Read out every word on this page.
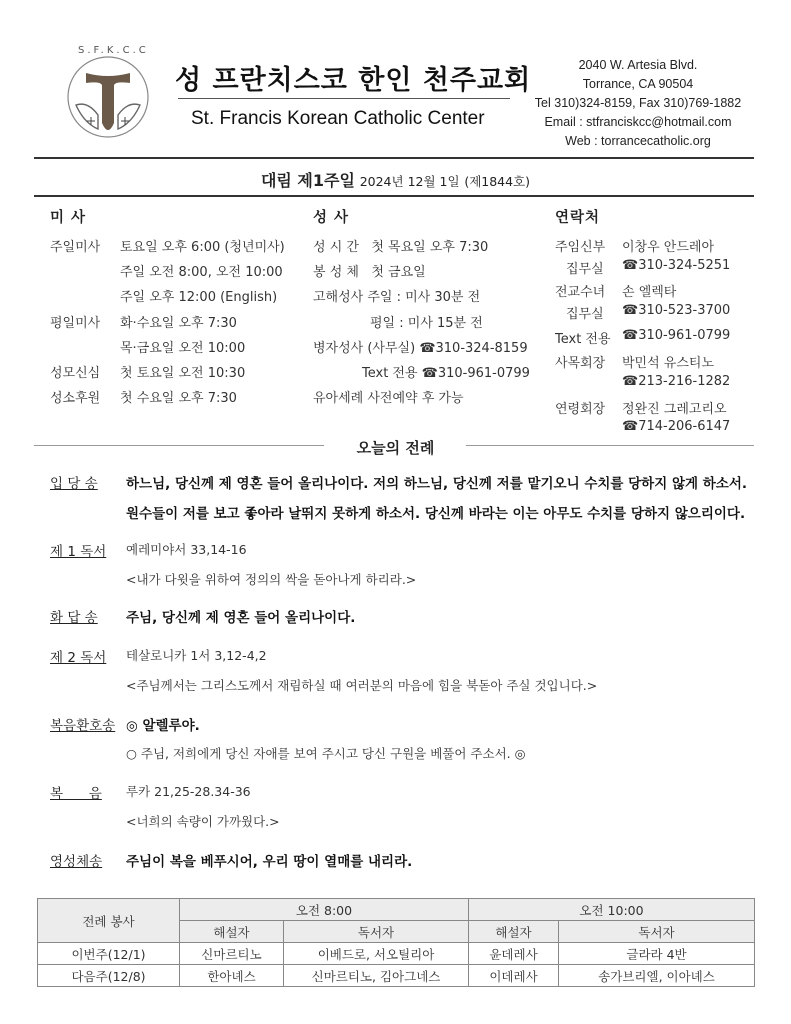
S.F.K.C.C
성 프란치스코 한인 천주교회
St. Francis Korean Catholic Center
2040 W. Artesia Blvd.
Torrance, CA 90504
Tel 310)324-8159, Fax 310)769-1882
Email : stfranciskcc@hotmail.com
Web : torrancecatholic.org
대림 제1주일 2024년 12월 1일 (제1844호)
미 사
주일미사 토요일 오후 6:00 (청년미사)
주일 오전 8:00, 오전 10:00
주일 오후 12:00 (English)
평일미사 화·수요일 오후 7:30
목·금요일 오전 10:00
성모신심 첫 토요일 오전 10:30
성소후원 첫 수요일 오후 7:30
성 사
성 시 간   첫 목요일 오후 7:30
봉 성 체   첫 금요일
고해성사 주일 : 미사 30분 전
평일 : 미사 15분 전
병자성사 (사무실) ☎310-324-8159
Text 전용 ☎310-961-0799
유아세례 사전예약 후 가능
연락처
주임신부 이창우 안드레아
집무실 ☎310-324-5251
전교수녀 손 엘렉타
집무실 ☎310-523-3700
Text 전용 ☎310-961-0799
사목회장 박민석 유스티노
☎213-216-1282
연령회장 정완진 그레고리오
☎714-206-6147
오늘의 전례
입 당 송 하느님, 당신께 제 영혼 들어 올리나이다. 저의 하느님, 당신께 저를 맡기오니 수치를 당하지 않게 하소서.
원수들이 저를 보고 좋아라 날뛰지 못하게 하소서. 당신께 바라는 이는 아무도 수치를 당하지 않으리이다.
제 1 독서 예레미야서 33,14-16
<내가 다윗을 위하여 정의의 싹을 돋아나게 하리라.>
화 답 송 주님, 당신께 제 영혼 들어 올리나이다.
제 2 독서 테살로니카 1서 3,12-4,2
<주님께서는 그리스도께서 재림하실 때 여러분의 마음에 힘을 북돋아 주실 것입니다.>
복음환호송 ◎ 알렐루야.
○ 주님, 저희에게 당신 자애를 보여 주시고 당신 구원을 베풀어 주소서. ◎
복      음 루카 21,25-28.34-36
<너희의 속량이 가까웠다.>
영성체송 주님이 복을 베푸시어, 우리 땅이 열매를 내리라.
전례 봉사	오전 8:00		오전 10:00	
	해설자	독서자	해설자	독서자
이번주(12/1)	신마르티노	이베드로, 서오틸리아	윤데레사	글라라 4반
다음주(12/8)	한아녜스	신마르티노, 김아그네스	이데레사	송가브리엘, 이아녜스
